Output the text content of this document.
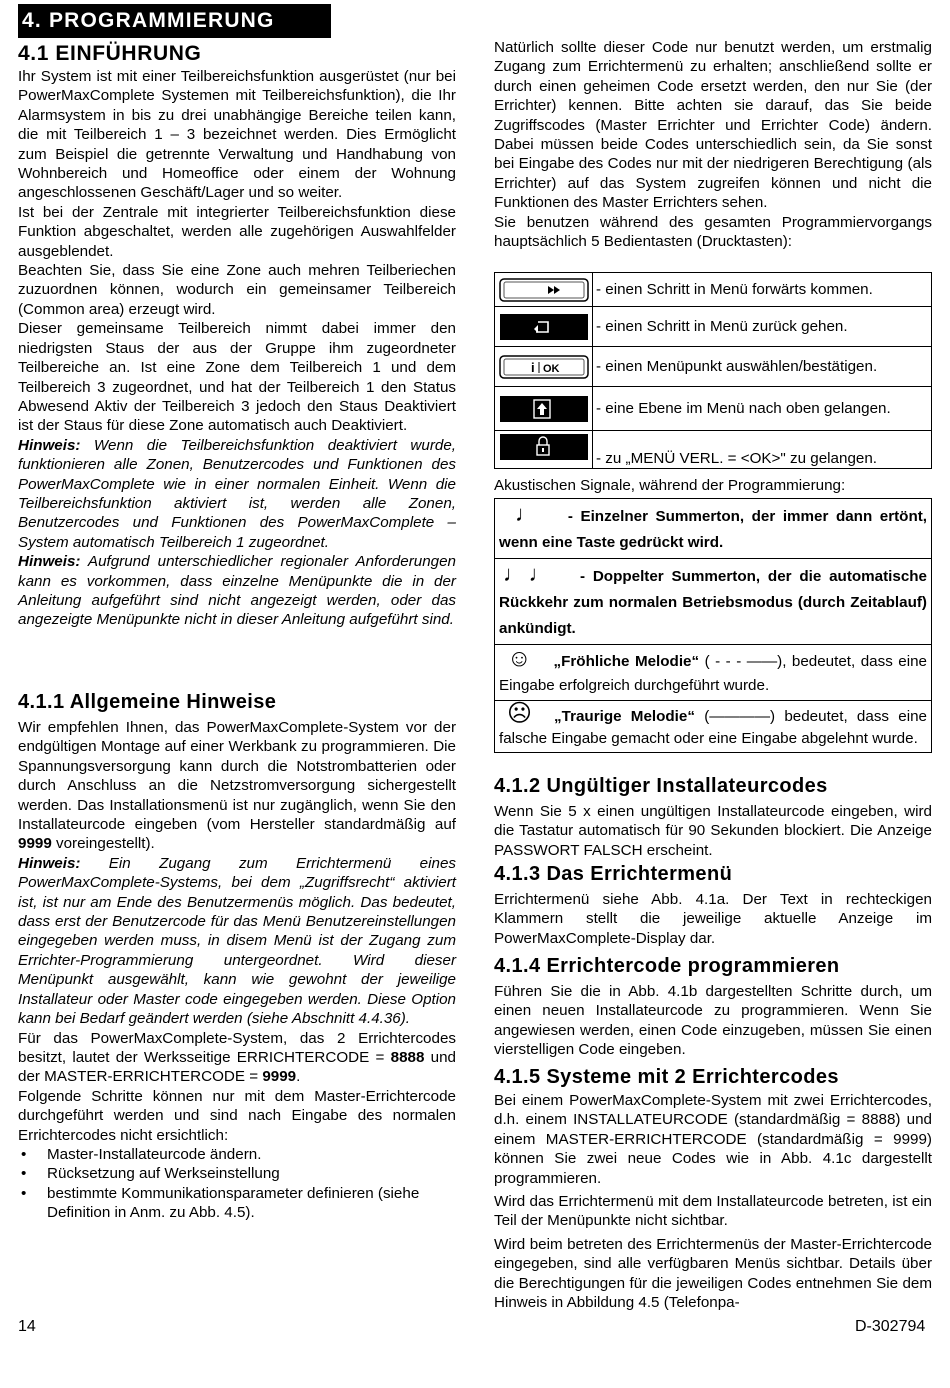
4. PROGRAMMIERUNG
4.1 EINFÜHRUNG

Ihr System ist mit einer Teilbereichsfunktion ausgerüstet (nur bei PowerMaxComplete Systemen mit Teilbereichsfunktion), die Ihr Alarmsystem in bis zu drei unabhängige Bereiche teilen kann, die mit Teilbereich 1 – 3 bezeichnet werden. Dies Ermöglicht zum Beispiel die getrennte Verwaltung und Handhabung von Wohnbereich und Homeoffice oder einem der Wohnung angeschlossenen Geschäft/Lager und so weiter.

Ist bei der Zentrale mit integrierter Teilbereichsfunktion diese Funktion abgeschaltet, werden alle zugehörigen Auswahlfelder ausgeblendet.

Beachten Sie, dass Sie eine Zone auch mehren Teilberiechen zuzuordnen können, wodurch ein gemeinsamer Teilbereich (Common area) erzeugt wird.

Dieser gemeinsame Teilbereich nimmt dabei immer den niedrigsten Staus der aus der Gruppe ihm zugeordneter Teilbereiche an. Ist eine Zone dem Teilbereich 1 und dem Teilbereich 3 zugeordnet, und hat der Teilbereich 1 den Status Abwesend Aktiv der Teilbereich 3 jedoch den Staus Deaktiviert ist der Staus für diese Zone automatisch auch Deaktiviert.

Hinweis: Wenn die Teilbereichsfunktion deaktiviert wurde, funktionieren alle Zonen, Benutzercodes und Funktionen des PowerMaxComplete wie in einer normalen Einheit. Wenn die Teilbereichsfunktion aktiviert ist, werden alle Zonen, Benutzercodes und Funktionen des PowerMaxComplete – System automatisch Teilbereich 1 zugeordnet.

Hinweis: Aufgrund unterschiedlicher regionaler Anforderungen kann es vorkommen, dass einzelne Menüpunkte die in der Anleitung aufgeführt sind nicht angezeigt werden, oder das angezeigte Menüpunkte nicht in dieser Anleitung aufgeführt sind.

4.1.1 Allgemeine Hinweise

Wir empfehlen Ihnen, das PowerMaxComplete-System vor der endgültigen Montage auf einer Werkbank zu programmieren. Die Spannungsversorgung kann durch die Notstrombatterien oder durch Anschluss an die Netzstromversorgung sichergestellt werden. Das Installationsmenü ist nur zugänglich, wenn Sie den Installateurcode eingeben (vom Hersteller standardmäßig auf 9999 voreingestellt).

Hinweis: Ein Zugang zum Errichtermenü eines PowerMaxComplete-Systems, bei dem „Zugriffsrecht“ aktiviert ist, ist nur am Ende des Benutzermenüs möglich. Das bedeutet, dass erst der Benutzercode für das Menü Benutzereinstellungen eingegeben werden muss, in disem Menü ist der Zugang zum Errichter-Programmierung untergeordnet. Wird dieser Menüpunkt ausgewählt, kann wie gewohnt der jeweilige Installateur oder Master code eingegeben werden. Diese Option kann bei Bedarf geändert werden (siehe Abschnitt 4.4.36).

Für das PowerMaxComplete-System, das 2 Errichtercodes besitzt, lautet der Werksseitige ERRICHTERCODE = 8888 und der MASTER-ERRICHTERCODE = 9999.

Folgende Schritte können nur mit dem Master-Errichtercode durchgeführt werden und sind nach Eingabe des normalen Errichtercodes nicht ersichtlich:

• Master-Installateurcode ändern.
• Rücksetzung auf Werkseinstellung
• bestimmte Kommunikationsparameter definieren (siehe Definition in Anm. zu Abb. 4.5).

Natürlich sollte dieser Code nur benutzt werden, um erstmalig Zugang zum Errichtermenü zu erhalten; anschließend sollte er durch einen geheimen Code ersetzt werden, den nur Sie (der Errichter) kennen. Bitte achten sie darauf, das Sie beide Zugriffscodes (Master Errichter und Errichter Code) ändern. Dabei müssen beide Codes unterschiedlich sein, da Sie sonst bei Eingabe des Codes nur mit der niedrigeren Berechtigung (als Errichter) auf das System zugreifen können und nicht die Funktionen des Master Errichters sehen.

Sie benutzen während des gesamten Programmiervorgangs hauptsächlich 5 Bedientasten (Drucktasten):

	- einen Schritt in Menü forwärts kommen.

	- einen Schritt in Menü zurück gehen.

i OK	- einen Menüpunkt auswählen/bestätigen.

	- eine Ebene im Menü nach oben gelangen.

	- zu „MENÜ VERL. = <OK>" zu gelangen.

Akustischen Signale, während der Programmierung:

♩ - Einzelner Summerton, der immer dann ertönt, wenn eine Taste gedrückt wird.

♩♩ - Doppelter Summerton, der die automatische Rückkehr zum normalen Betriebsmodus (durch Zeitablauf) ankündigt.

☺ „Fröhliche Melodie“ ( - - - ——), bedeutet, dass eine Eingabe erfolgreich durchgeführt wurde.

☹ „Traurige Melodie“ (————) bedeutet, dass eine falsche Eingabe gemacht oder eine Eingabe abgelehnt wurde.

4.1.2 Ungültiger Installateurcodes

Wenn Sie 5 x einen ungültigen Installateurcode eingeben, wird die Tastatur automatisch für 90 Sekunden blockiert. Die Anzeige PASSWORT FALSCH erscheint.

4.1.3 Das Errichtermenü

Errichtermenü siehe Abb. 4.1a. Der Text in rechteckigen Klammern stellt die jeweilige aktuelle Anzeige im PowerMaxComplete-Display dar.

4.1.4 Errichtercode programmieren

Führen Sie die in Abb. 4.1b dargestellten Schritte durch, um einen neuen Installateurcode zu programmieren. Wenn Sie angewiesen werden, einen Code einzugeben, müssen Sie einen vierstelligen Code eingeben.

4.1.5 Systeme mit 2 Errichtercodes

Bei einem PowerMaxComplete-System mit zwei Errichtercodes, d.h. einem INSTALLATEURCODE (standardmäßig = 8888) und einem MASTER-ERRICHTERCODE (standardmäßig = 9999) können Sie zwei neue Codes wie in Abb. 4.1c dargestellt programmieren.

Wird das Errichtermenü mit dem Installateurcode betreten, ist ein Teil der Menüpunkte nicht sichtbar.

Wird beim betreten des Errichtermenüs der Master-Errichtercode eingegeben, sind alle verfügbaren Menüs sichtbar. Details über die Berechtigungen für die jeweiligen Codes entnehmen Sie dem Hinweis in Abbildung 4.5 (Telefonpa-

14	D-302794
